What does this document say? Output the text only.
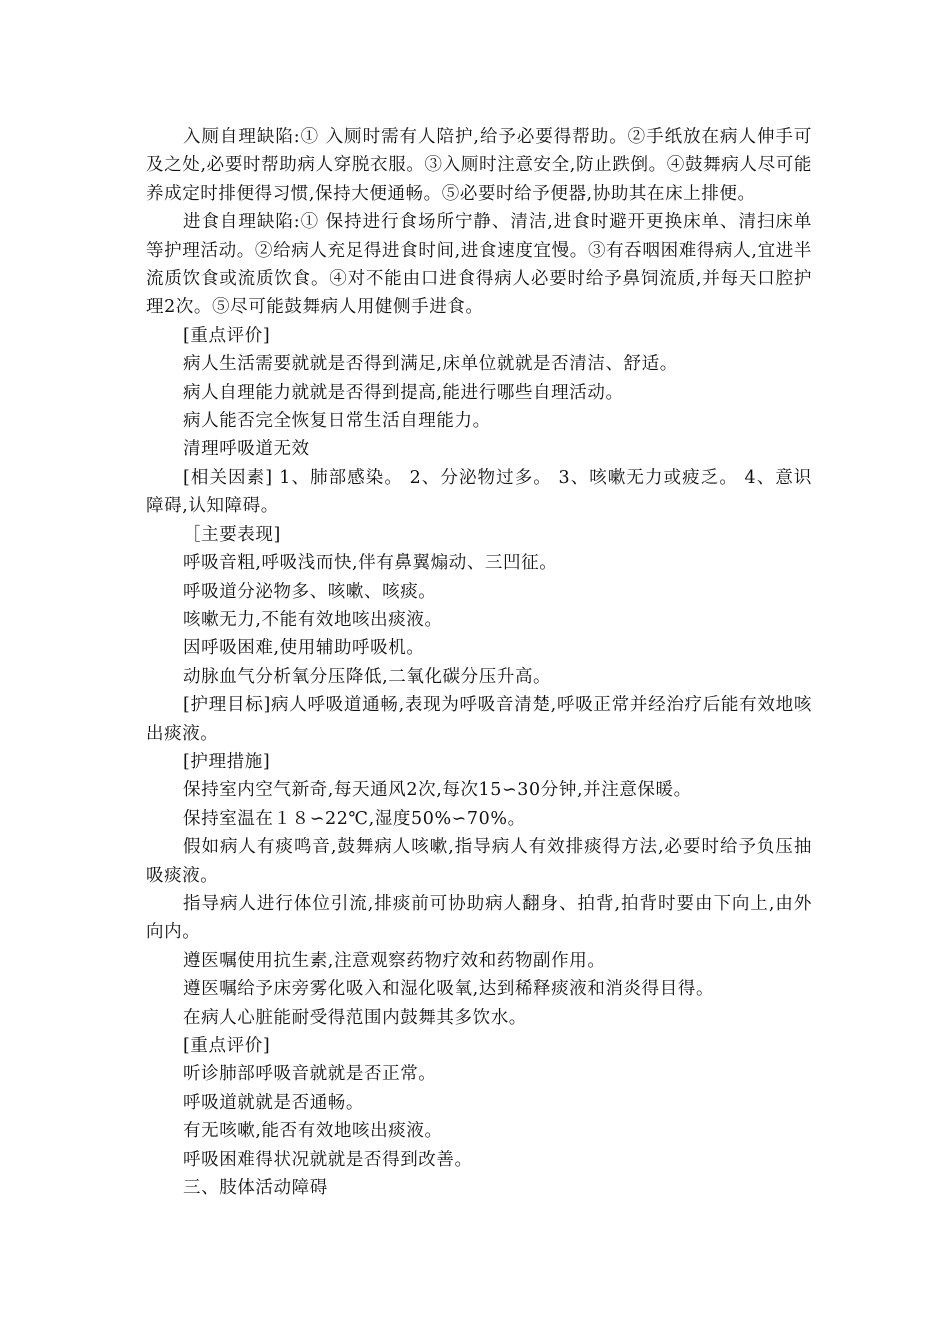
入厕自理缺陷:① 入厕时需有人陪护,给予必要得帮助。②手纸放在病人伸手可及之处,必要时帮助病人穿脱衣服。③入厕时注意安全,防止跌倒。④鼓舞病人尽可能养成定时排便得习惯,保持大便通畅。⑤必要时给予便器,协助其在床上排便。

进食自理缺陷:① 保持进行食场所宁静、清洁,进食时避开更换床单、清扫床单等护理活动。②给病人充足得进食时间,进食速度宜慢。③有吞咽困难得病人,宜进半流质饮食或流质饮食。④对不能由口进食得病人必要时给予鼻饲流质,并每天口腔护理2次。⑤尽可能鼓舞病人用健侧手进食。

[重点评价]

病人生活需要就就是否得到满足,床单位就就是否清洁、舒适。

病人自理能力就就是否得到提高,能进行哪些自理活动。

病人能否完全恢复日常生活自理能力。

清理呼吸道无效

[相关因素] 1、肺部感染。 2、分泌物过多。 3、咳嗽无力或疲乏。 4、意识障碍,认知障碍。

［主要表现]

呼吸音粗,呼吸浅而快,伴有鼻翼煽动、三凹征。

呼吸道分泌物多、咳嗽、咳痰。

咳嗽无力,不能有效地咳出痰液。

因呼吸困难,使用辅助呼吸机。

动脉血气分析氧分压降低,二氧化碳分压升高。

[护理目标]病人呼吸道通畅,表现为呼吸音清楚,呼吸正常并经治疗后能有效地咳出痰液。

[护理措施]

保持室内空气新奇,每天通风2次,每次15∽30分钟,并注意保暖。

保持室温在１８∽22℃,湿度50%∽70%。

假如病人有痰鸣音,鼓舞病人咳嗽,指导病人有效排痰得方法,必要时给予负压抽吸痰液。

指导病人进行体位引流,排痰前可协助病人翻身、拍背,拍背时要由下向上,由外向内。

遵医嘱使用抗生素,注意观察药物疗效和药物副作用。

遵医嘱给予床旁雾化吸入和湿化吸氧,达到稀释痰液和消炎得目得。

在病人心脏能耐受得范围内鼓舞其多饮水。

[重点评价]

听诊肺部呼吸音就就是否正常。

呼吸道就就是否通畅。

有无咳嗽,能否有效地咳出痰液。

呼吸困难得状况就就是否得到改善。

三、肢体活动障碍
